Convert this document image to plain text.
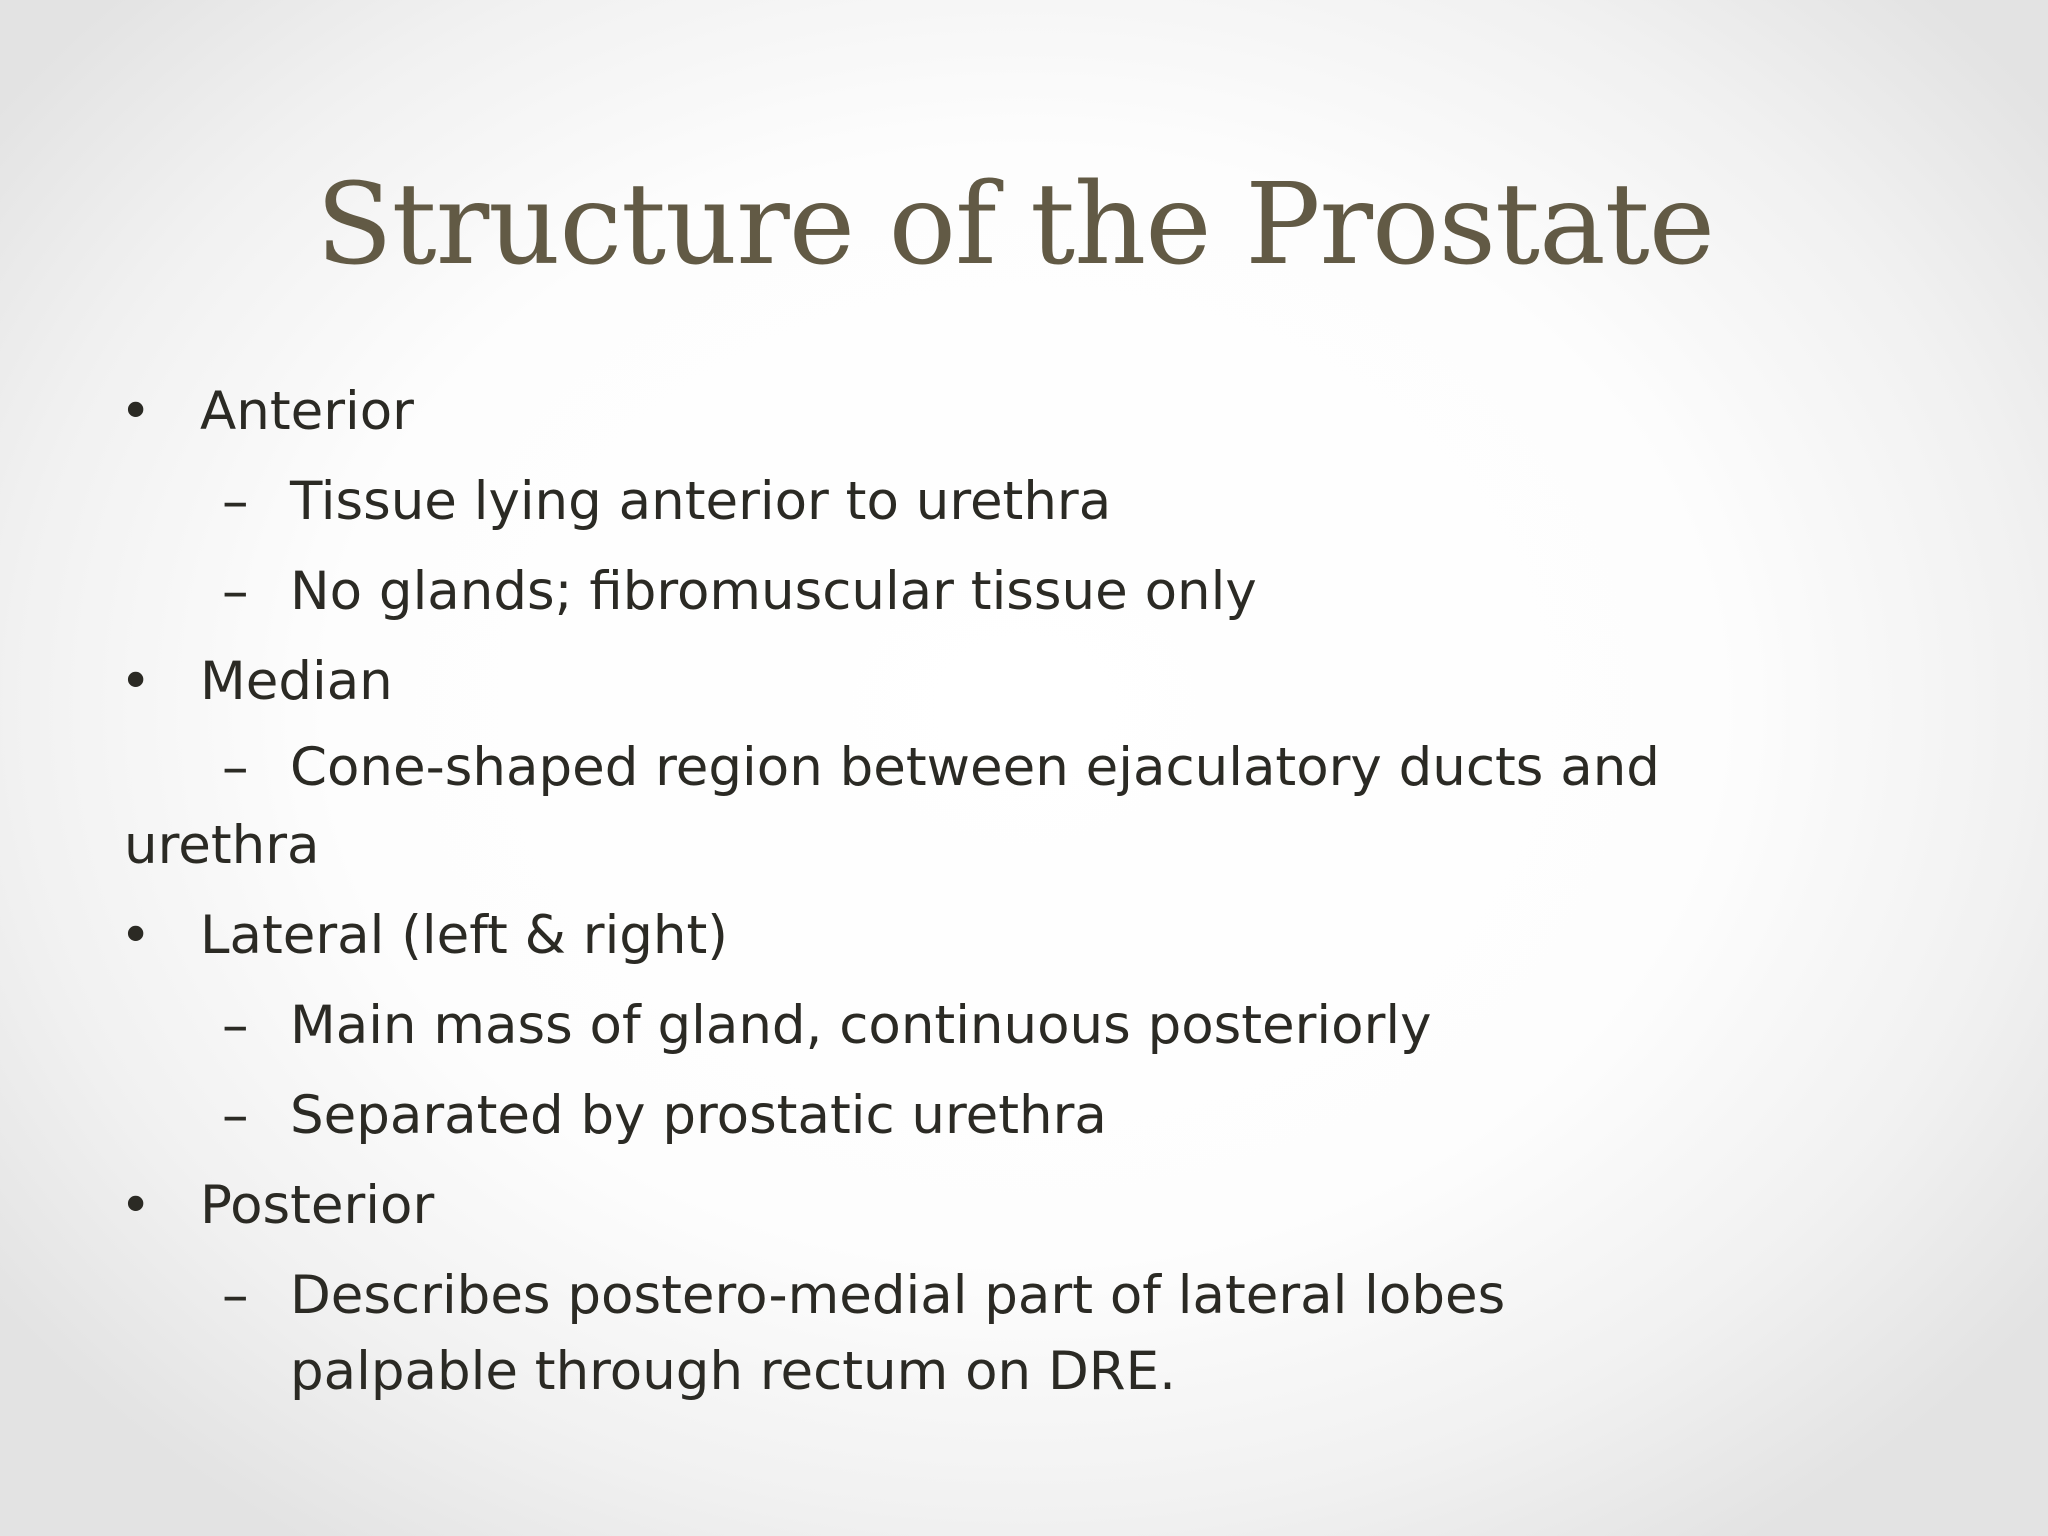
Structure of the Prostate
• Anterior
– Tissue lying anterior to urethra
– No glands; fibromuscular tissue only
• Median
– Cone-shaped region between ejaculatory ducts and
urethra
• Lateral (left & right)
– Main mass of gland, continuous posteriorly
– Separated by prostatic urethra
• Posterior
– Describes postero-medial part of lateral lobes
palpable through rectum on DRE.
